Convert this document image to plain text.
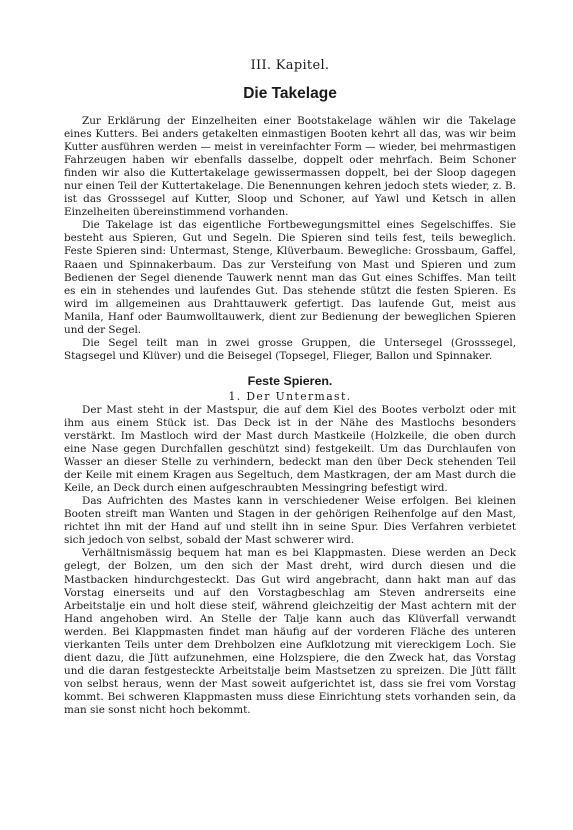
III. Kapitel.
Die Takelage

Zur Erklärung der Einzelheiten einer Bootstakelage wählen wir die Takelage eines Kutters. Bei anders getakelten einmastigen Booten kehrt all das, was wir beim Kutter ausführen werden — meist in vereinfachter Form — wieder, bei mehrmastigen Fahrzeugen haben wir ebenfalls dasselbe, doppelt oder mehrfach. Beim Schoner finden wir also die Kuttertakelage gewissermassen doppelt, bei der Sloop dagegen nur einen Teil der Kuttertakelage. Die Benennungen kehren jedoch stets wieder, z. B. ist das Grosssegel auf Kutter, Sloop und Schoner, auf Yawl und Ketsch in allen Einzelheiten übereinstimmend vorhanden.

Die Takelage ist das eigentliche Fortbewegungsmittel eines Segelschiffes. Sie besteht aus Spieren, Gut und Segeln. Die Spieren sind teils fest, teils beweglich. Feste Spieren sind: Untermast, Stenge, Klüverbaum. Bewegliche: Grossbaum, Gaffel, Raaen und Spinnakerbaum. Das zur Versteifung von Mast und Spieren und zum Bedienen der Segel dienende Tauwerk nennt man das Gut eines Schiffes. Man teilt es ein in stehendes und laufendes Gut. Das stehende stützt die festen Spieren. Es wird im allgemeinen aus Drahttauwerk gefertigt. Das laufende Gut, meist aus Manila, Hanf oder Baumwolltauwerk, dient zur Bedienung der beweglichen Spieren und der Segel.

Die Segel teilt man in zwei grosse Gruppen, die Untersegel (Grosssegel, Stagsegel und Klüver) und die Beisegel (Topsegel, Flieger, Ballon und Spinnaker.

Feste Spieren.
1. Der Untermast.

Der Mast steht in der Mastspur, die auf dem Kiel des Bootes verbolzt oder mit ihm aus einem Stück ist. Das Deck ist in der Nähe des Mastlochs besonders verstärkt. Im Mastloch wird der Mast durch Mastkeile (Holzkeile, die oben durch eine Nase gegen Durchfallen geschützt sind) festgekeilt. Um das Durchlaufen von Wasser an dieser Stelle zu verhindern, bedeckt man den über Deck stehenden Teil der Keile mit einem Kragen aus Segeltuch, dem Mastkragen, der am Mast durch die Keile, an Deck durch einen aufgeschraubten Messingring befestigt wird.

Das Aufrichten des Mastes kann in verschiedener Weise erfolgen. Bei kleinen Booten streift man Wanten und Stagen in der gehörigen Reihenfolge auf den Mast, richtet ihn mit der Hand auf und stellt ihn in seine Spur. Dies Verfahren verbietet sich jedoch von selbst, sobald der Mast schwerer wird.

Verhältnismässig bequem hat man es bei Klappmasten. Diese werden an Deck gelegt, der Bolzen, um den sich der Mast dreht, wird durch diesen und die Mastbacken hindurchgesteckt. Das Gut wird angebracht, dann hakt man auf das Vorstag einerseits und auf den Vorstagbeschlag am Steven andrerseits eine Arbeitstalje ein und holt diese steif, während gleichzeitig der Mast achtern mit der Hand angehoben wird. An Stelle der Talje kann auch das Klüverfall verwandt werden. Bei Klappmasten findet man häufig auf der vorderen Fläche des unteren vierkanten Teils unter dem Drehbolzen eine Aufklotzung mit viereckigem Loch. Sie dient dazu, die Jütt aufzunehmen, eine Holzspiere, die den Zweck hat, das Vorstag und die daran festgesteckte Arbeitstalje beim Mastsetzen zu spreizen. Die Jütt fällt von selbst heraus, wenn der Mast soweit aufgerichtet ist, dass sie frei vom Vorstag kommt. Bei schweren Klappmasten muss diese Einrichtung stets vorhanden sein, da man sie sonst nicht hoch bekommt.
